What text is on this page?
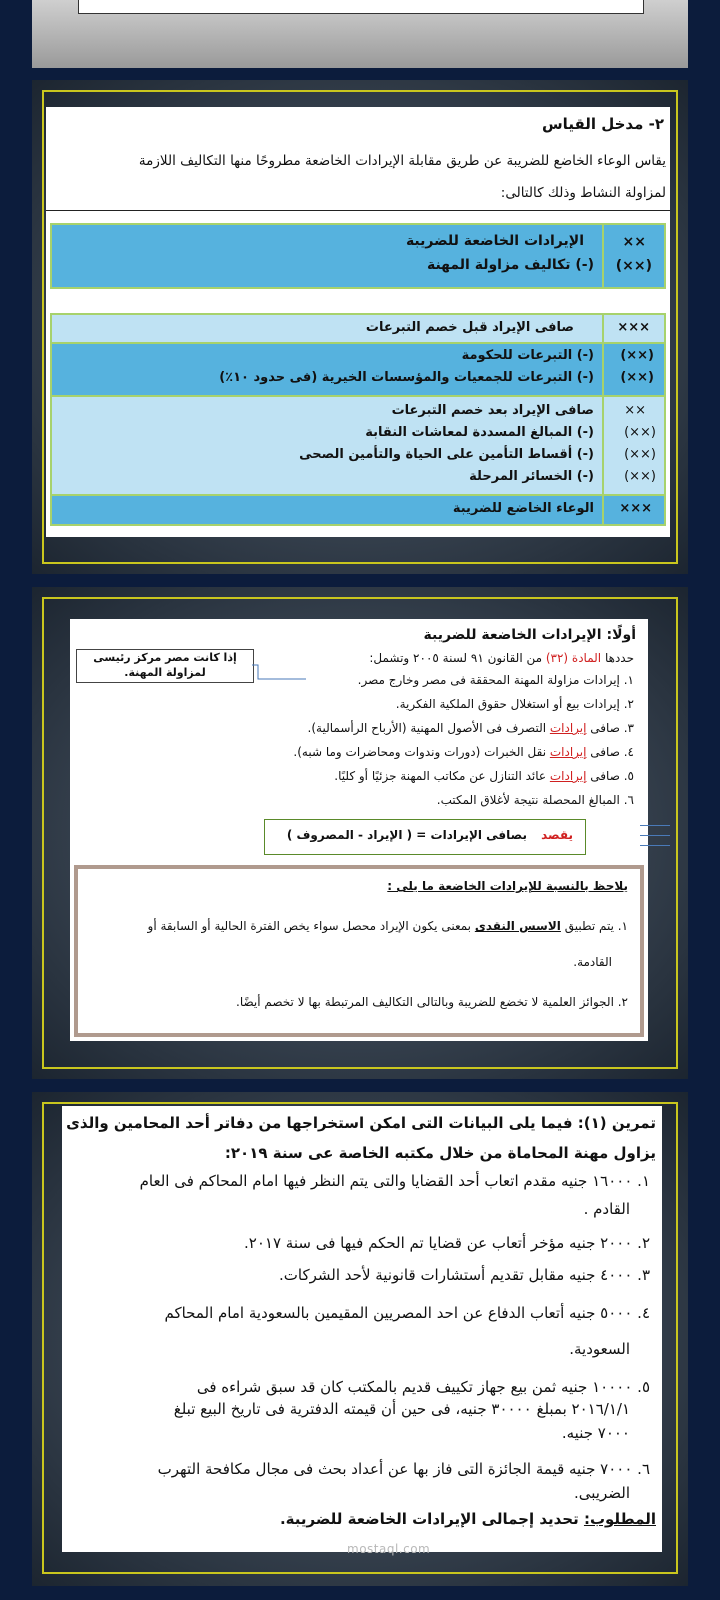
٢- مدخل القياس
يقاس الوعاء الخاضع للضريبة عن طريق مقابلة الإيرادات الخاضعة مطروحًا منها التكاليف اللازمة
لمزاولة النشاط وذلك كالتالى:
××
(××)
الإيرادات الخاضعة للضريبة
(-) تكاليف مزاولة المهنة
×××
صافى الإيراد قبل خصم التبرعات
(××)
(××)
(-) التبرعات للحكومة
(-) التبرعات للجمعيات والمؤسسات الخيرية (فى حدود ١٠٪)
××
(××)
(××)
(××)
صافى الإيراد بعد خصم التبرعات
(-) المبالغ المسددة لمعاشات النقابة
(-) أقساط التأمين على الحياة والتأمين الصحى
(-) الخسائر المرحلة
×××
الوعاء الخاضع للضريبة
أولًا: الإيرادات الخاضعة للضريبة
حددها المادة (٣٢) من القانون ٩١ لسنة ٢٠٠٥ وتشمل:
إذا كانت مصر مركز رئيسى
لمزاولة المهنة.
١. إيرادات مزاولة المهنة المحققة فى مصر وخارج مصر.
٢. إيرادات بيع أو استغلال حقوق الملكية الفكرية.
٣. صافى إيرادات التصرف فى الأصول المهنية (الأرباح الرأسمالية).
٤. صافى إيرادات نقل الخبرات (دورات وندوات ومحاضرات وما شبه).
٥. صافى إيرادات عائد التنازل عن مكاتب المهنة جزئيًا أو كليًا.
٦. المبالغ المحصلة نتيجة لأغلاق المكتب.
يقصد
بصافى الإيرادات = ( الإيراد - المصروف )
يلاحظ بالنسبة للإيرادات الخاضعة ما يلى :
١. يتم تطبيق الاسس النقدى بمعنى يكون الإيراد محصل سواء يخص الفترة الحالية أو السابقة أو
القادمة.
٢. الجوائز العلمية لا تخضع للضريبة وبالتالى التكاليف المرتبطة بها لا تخصم أيضًا.
تمرين (١): فيما يلى البيانات التى امكن استخراجها من دفاتر أحد المحامين والذى
يزاول مهنة المحاماة من خلال مكتبه الخاصة عى سنة ٢٠١٩:
١. ١٦٠٠٠ جنيه مقدم اتعاب أحد القضايا والتى يتم النظر فيها امام المحاكم فى العام
القادم .
٢. ٢٠٠٠ جنيه مؤخر أتعاب عن قضايا تم الحكم فيها فى سنة ٢٠١٧.
٣. ٤٠٠٠ جنيه مقابل تقديم أستشارات قانونية لأحد الشركات.
٤. ٥٠٠٠ جنيه أتعاب الدفاع عن احد المصريين المقيمين بالسعودية امام المحاكم
السعودية.
٥. ١٠٠٠٠ جنيه ثمن بيع جهاز تكييف قديم بالمكتب كان قد سبق شراءه فى
٢٠١٦/١/١ بمبلغ ٣٠٠٠٠ جنيه، فى حين أن قيمته الدفترية فى تاريخ البيع تبلغ
٧٠٠٠ جنيه.
٦. ٧٠٠٠ جنيه قيمة الجائزة التى فاز بها عن أعداد بحث فى مجال مكافحة التهرب
الضريبى.
المطلوب: تحديد إجمالى الإيرادات الخاضعة للضريبة.
mostaql.com
